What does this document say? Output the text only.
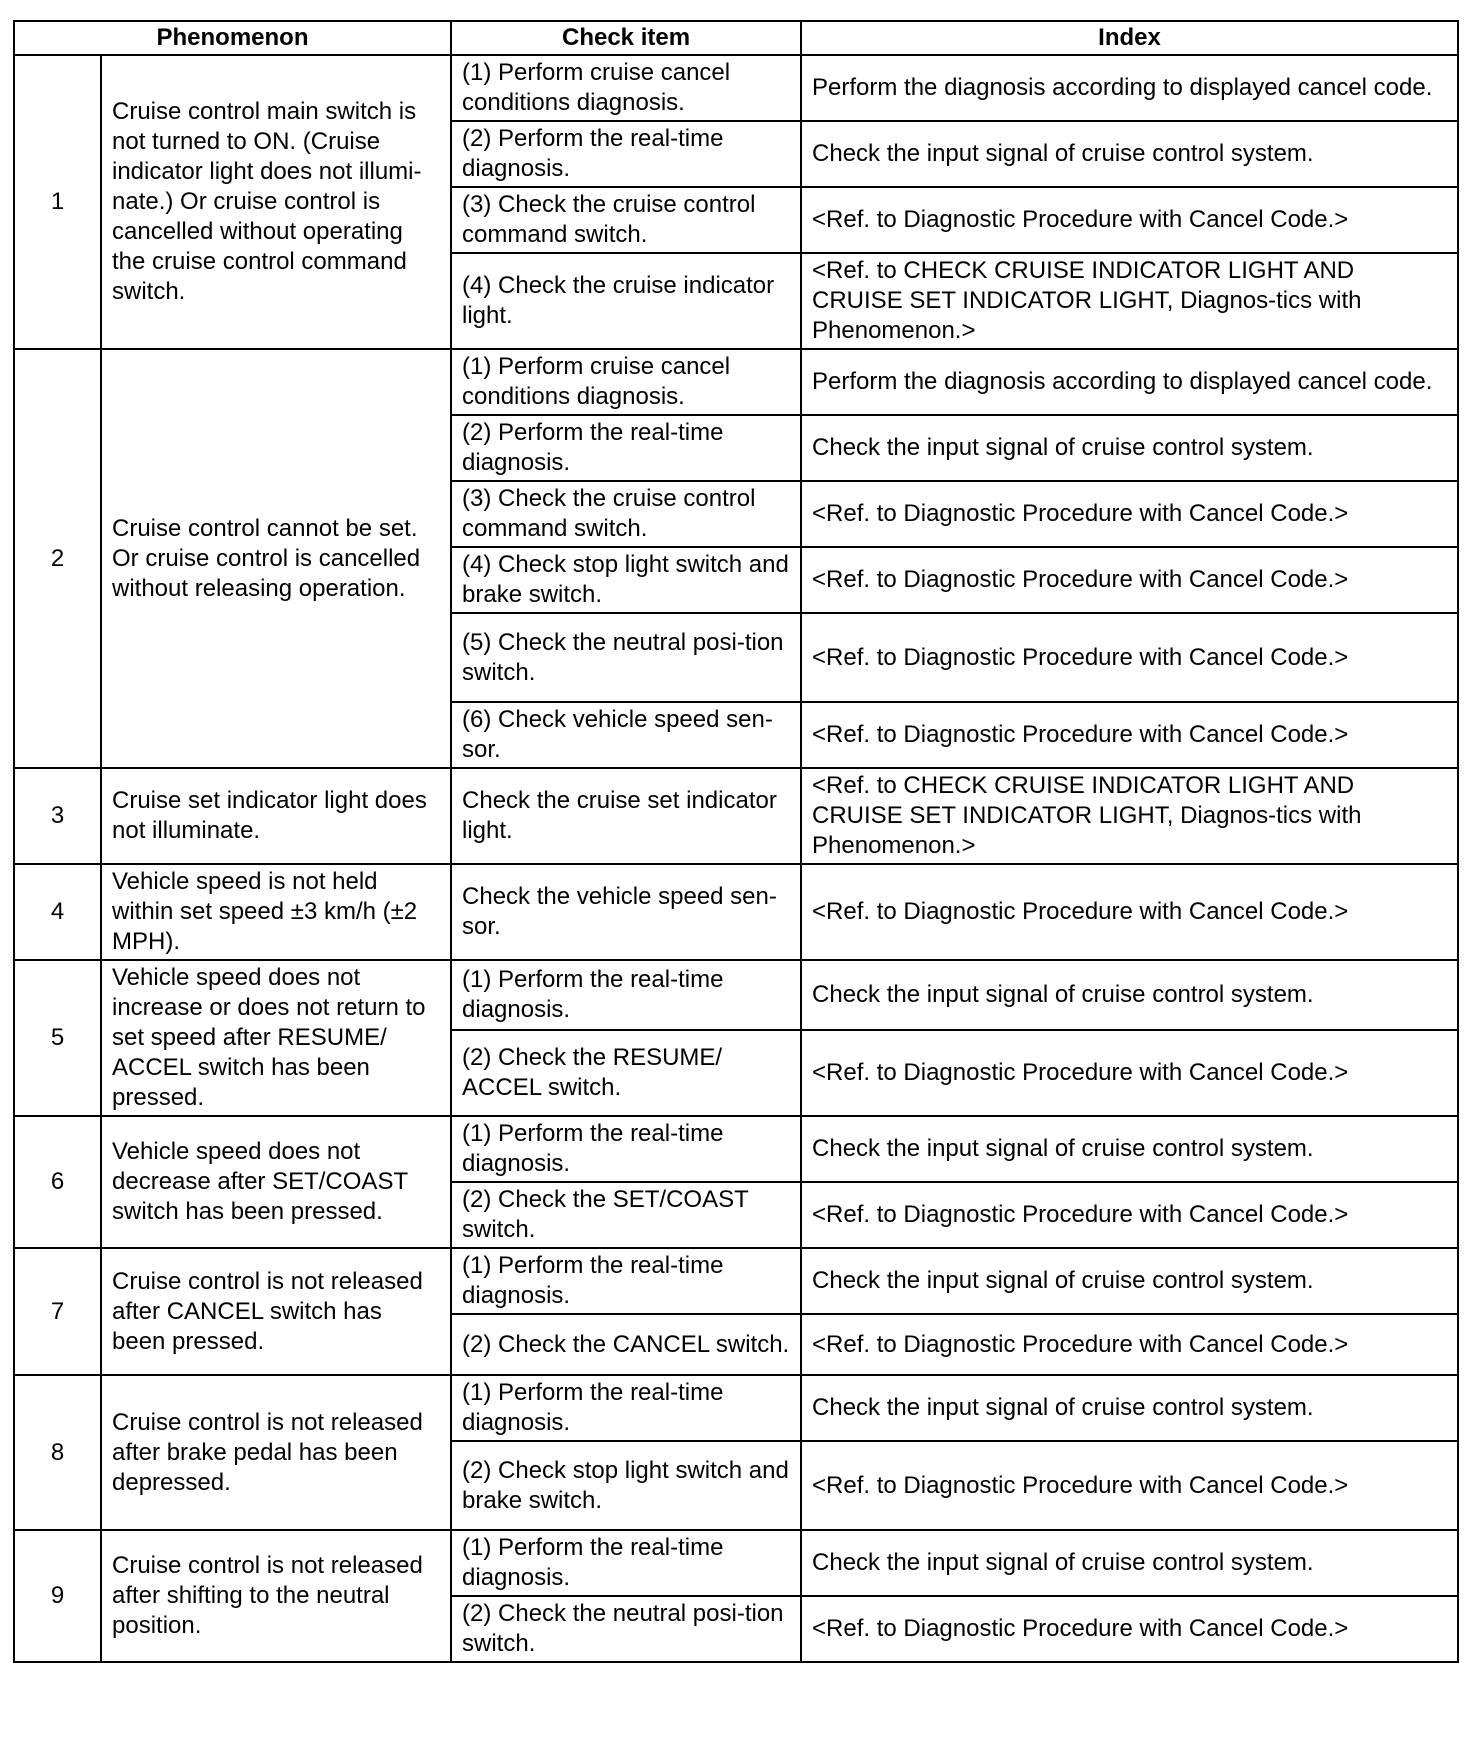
Phenomenon		Check item	Index
1	Cruise control main switch is not turned to ON. (Cruise indicator light does not illumi-nate.) Or cruise control is cancelled without operating the cruise control command switch.	(1) Perform cruise cancel conditions diagnosis.	Perform the diagnosis according to displayed cancel code.
		(2) Perform the real-time diagnosis.	Check the input signal of cruise control system.
		(3) Check the cruise control command switch.	<Ref. to Diagnostic Procedure with Cancel Code.>
		(4) Check the cruise indicator light.	<Ref. to CHECK CRUISE INDICATOR LIGHT AND CRUISE SET INDICATOR LIGHT, Diagnos-tics with Phenomenon.>
2	Cruise control cannot be set. Or cruise control is cancelled without releasing operation.	(1) Perform cruise cancel conditions diagnosis.	Perform the diagnosis according to displayed cancel code.
		(2) Perform the real-time diagnosis.	Check the input signal of cruise control system.
		(3) Check the cruise control command switch.	<Ref. to Diagnostic Procedure with Cancel Code.>
		(4) Check stop light switch and brake switch.	<Ref. to Diagnostic Procedure with Cancel Code.>
		(5) Check the neutral posi-tion switch.	<Ref. to Diagnostic Procedure with Cancel Code.>
		(6) Check vehicle speed sen-sor.	<Ref. to Diagnostic Procedure with Cancel Code.>
3	Cruise set indicator light does not illuminate.	Check the cruise set indicator light.	<Ref. to CHECK CRUISE INDICATOR LIGHT AND CRUISE SET INDICATOR LIGHT, Diagnos-tics with Phenomenon.>
4	Vehicle speed is not held within set speed ±3 km/h (±2 MPH).	Check the vehicle speed sen-sor.	<Ref. to Diagnostic Procedure with Cancel Code.>
5	Vehicle speed does not increase or does not return to set speed after RESUME/ ACCEL switch has been pressed.	(1) Perform the real-time diagnosis.	Check the input signal of cruise control system.
		(2) Check the RESUME/ ACCEL switch.	<Ref. to Diagnostic Procedure with Cancel Code.>
6	Vehicle speed does not decrease after SET/COAST switch has been pressed.	(1) Perform the real-time diagnosis.	Check the input signal of cruise control system.
		(2) Check the SET/COAST switch.	<Ref. to Diagnostic Procedure with Cancel Code.>
7	Cruise control is not released after CANCEL switch has been pressed.	(1) Perform the real-time diagnosis.	Check the input signal of cruise control system.
		(2) Check the CANCEL switch.	<Ref. to Diagnostic Procedure with Cancel Code.>
8	Cruise control is not released after brake pedal has been depressed.	(1) Perform the real-time diagnosis.	Check the input signal of cruise control system.
		(2) Check stop light switch and brake switch.	<Ref. to Diagnostic Procedure with Cancel Code.>
9	Cruise control is not released after shifting to the neutral position.	(1) Perform the real-time diagnosis.	Check the input signal of cruise control system.
		(2) Check the neutral posi-tion switch.	<Ref. to Diagnostic Procedure with Cancel Code.>
